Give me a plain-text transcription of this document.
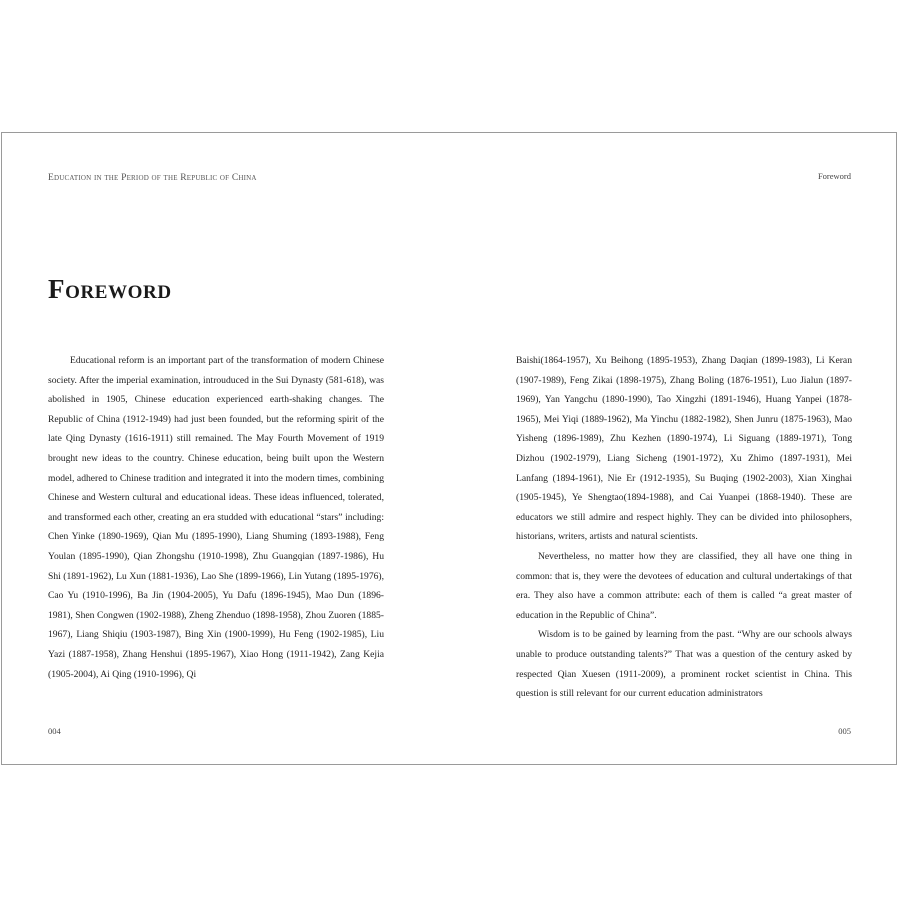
Education in the Period of the Republic of China	Foreword
Foreword

Educational reform is an important part of the transformation of modern Chinese society. After the imperial examination, introuduced in the Sui Dynasty (581-618), was abolished in 1905, Chinese education experienced earth-shaking changes. The Republic of China (1912-1949) had just been founded, but the reforming spirit of the late Qing Dynasty (1616-1911) still remained. The May Fourth Movement of 1919 brought new ideas to the country. Chinese education, being built upon the Western model, adhered to Chinese tradition and integrated it into the modern times, combining Chinese and Western cultural and educational ideas. These ideas influenced, tolerated, and transformed each other, creating an era studded with educational “stars” including: Chen Yinke (1890-1969), Qian Mu (1895-1990), Liang Shuming (1893-1988), Feng Youlan (1895-1990), Qian Zhongshu (1910-1998), Zhu Guangqian (1897-1986), Hu Shi (1891-1962), Lu Xun (1881-1936), Lao She (1899-1966), Lin Yutang (1895-1976), Cao Yu (1910-1996), Ba Jin (1904-2005), Yu Dafu (1896-1945), Mao Dun (1896-1981), Shen Congwen (1902-1988), Zheng Zhenduo (1898-1958), Zhou Zuoren (1885-1967), Liang Shiqiu (1903-1987), Bing Xin (1900-1999), Hu Feng (1902-1985), Liu Yazi (1887-1958), Zhang Henshui (1895-1967), Xiao Hong (1911-1942), Zang Kejia (1905-2004), Ai Qing (1910-1996), Qi

Baishi(1864-1957), Xu Beihong (1895-1953), Zhang Daqian (1899-1983), Li Keran (1907-1989), Feng Zikai (1898-1975), Zhang Boling (1876-1951), Luo Jialun (1897-1969), Yan Yangchu (1890-1990), Tao Xingzhi (1891-1946), Huang Yanpei (1878-1965), Mei Yiqi (1889-1962), Ma Yinchu (1882-1982), Shen Junru (1875-1963), Mao Yisheng (1896-1989), Zhu Kezhen (1890-1974), Li Siguang (1889-1971), Tong Dizhou (1902-1979), Liang Sicheng (1901-1972), Xu Zhimo (1897-1931), Mei Lanfang (1894-1961), Nie Er (1912-1935), Su Buqing (1902-2003), Xian Xinghai (1905-1945), Ye Shengtao(1894-1988), and Cai Yuanpei (1868-1940). These are educators we still admire and respect highly. They can be divided into philosophers, historians, writers, artists and natural scientists.

Nevertheless, no matter how they are classified, they all have one thing in common: that is, they were the devotees of education and cultural undertakings of that era. They also have a common attribute: each of them is called “a great master of education in the Republic of China”.

Wisdom is to be gained by learning from the past. “Why are our schools always unable to produce outstanding talents?” That was a question of the century asked by respected Qian Xuesen (1911-2009), a prominent rocket scientist in China. This question is still relevant for our current education administrators

004	005
